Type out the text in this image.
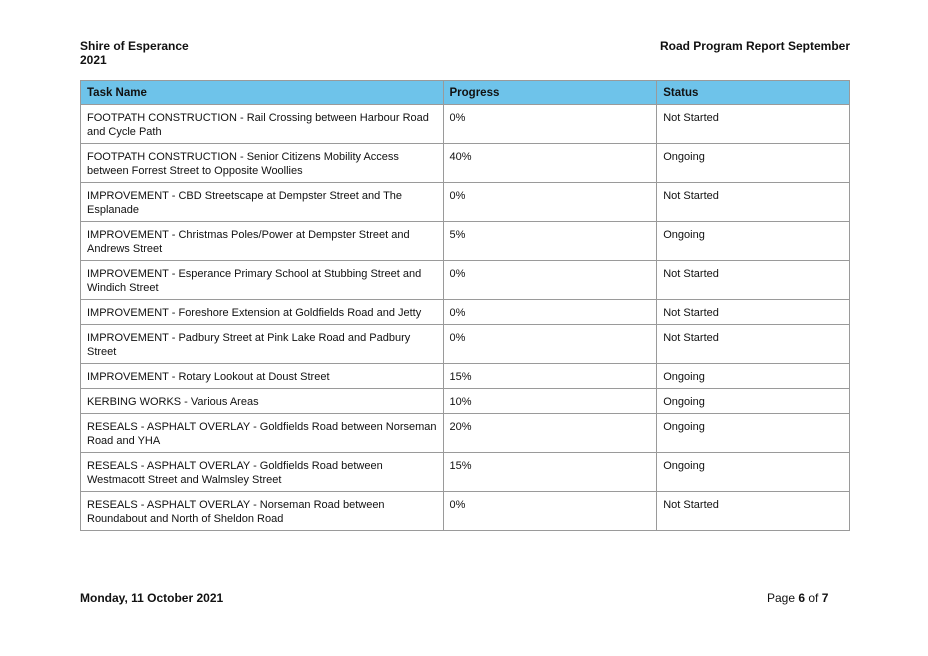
Shire of Esperance
2021
Road Program Report September
Task Name	Progress	Status
FOOTPATH CONSTRUCTION - Rail Crossing between Harbour Road and Cycle Path	0%	Not Started
FOOTPATH CONSTRUCTION - Senior Citizens Mobility Access between Forrest Street to Opposite Woollies	40%	Ongoing
IMPROVEMENT - CBD Streetscape at Dempster Street and The Esplanade	0%	Not Started
IMPROVEMENT - Christmas Poles/Power at Dempster Street and Andrews Street	5%	Ongoing
IMPROVEMENT - Esperance Primary School at Stubbing Street and Windich Street	0%	Not Started
IMPROVEMENT - Foreshore Extension at Goldfields Road and Jetty	0%	Not Started
IMPROVEMENT - Padbury Street at Pink Lake Road and Padbury Street	0%	Not Started
IMPROVEMENT - Rotary Lookout at Doust Street	15%	Ongoing
KERBING WORKS - Various Areas	10%	Ongoing
RESEALS - ASPHALT OVERLAY - Goldfields Road between Norseman Road and YHA	20%	Ongoing
RESEALS - ASPHALT OVERLAY - Goldfields Road between Westmacott Street and Walmsley Street	15%	Ongoing
RESEALS - ASPHALT OVERLAY - Norseman Road between Roundabout and North of Sheldon Road	0%	Not Started
Monday, 11 October 2021	Page 6 of 7
